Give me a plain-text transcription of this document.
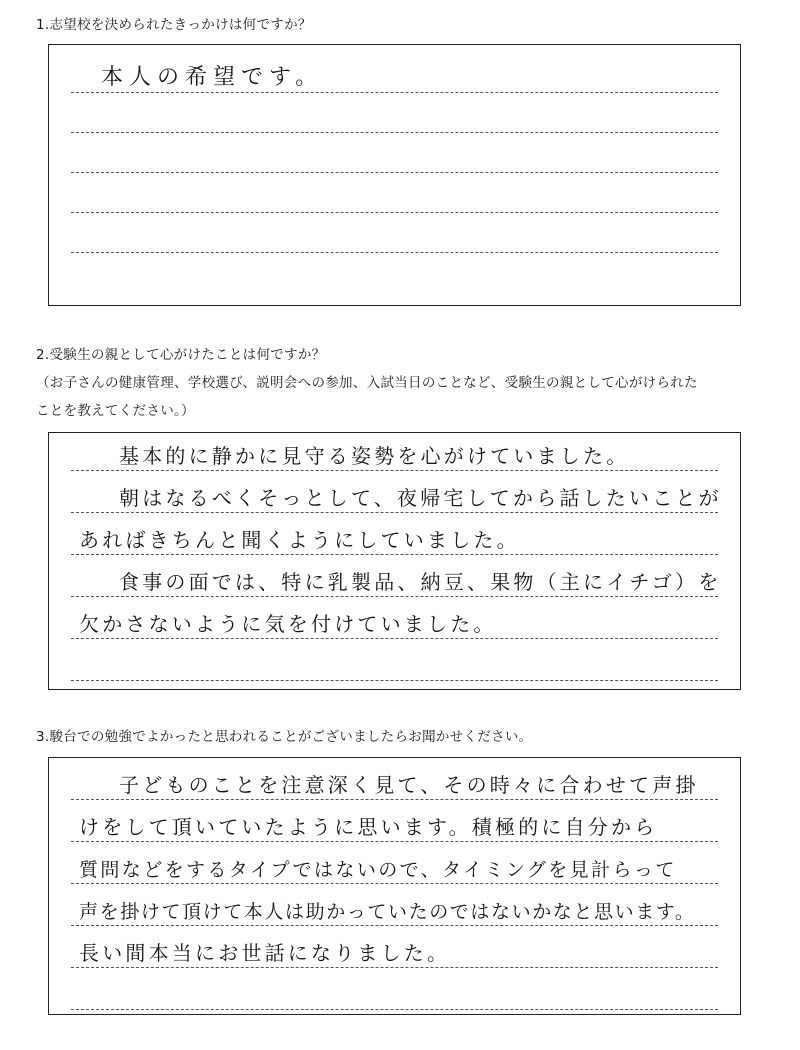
1.志望校を決められたきっかけは何ですか？
本人の希望です。
2.受験生の親として心がけたことは何ですか？
（お子さんの健康管理、学校選び、説明会への参加、入試当日のことなど、受験生の親として心がけられた
ことを教えてください。）
基本的に静かに見守る姿勢を心がけていました。
朝はなるべくそっとして、夜帰宅してから話したいことが
あればきちんと聞くようにしていました。
食事の面では、特に乳製品、納豆、果物（主にイチゴ）を
欠かさないように気を付けていました。
3.駿台での勉強でよかったと思われることがございましたらお聞かせください。
子どものことを注意深く見て、その時々に合わせて声掛
けをして頂いていたように思います。積極的に自分から
質問などをするタイプではないので、タイミングを見計らって
声を掛けて頂けて本人は助かっていたのではないかなと思います。
長い間本当にお世話になりました。
